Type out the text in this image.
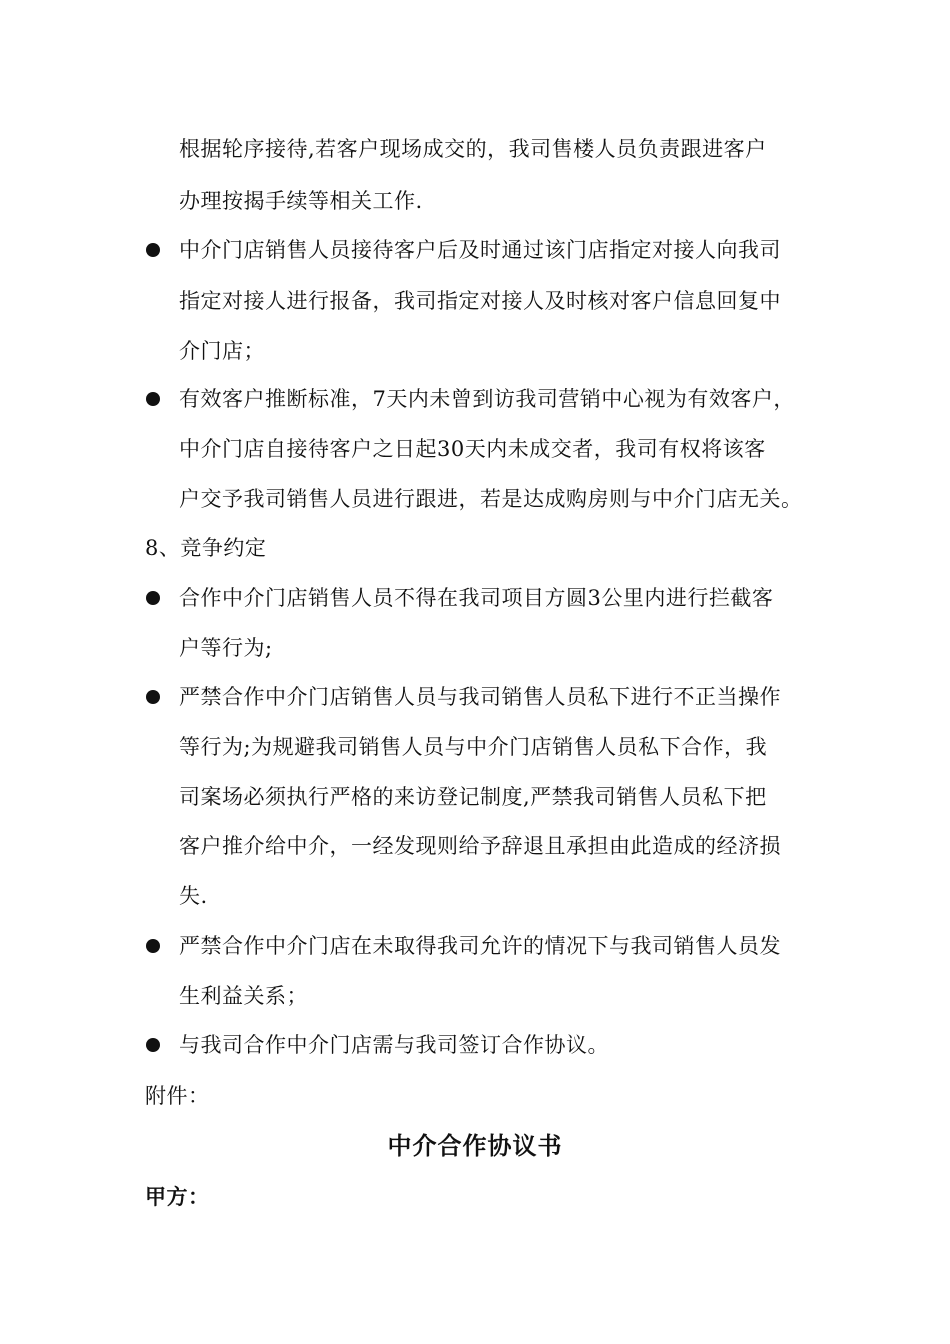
根据轮序接待,若客户现场成交的，我司售楼人员负责跟进客户
办理按揭手续等相关工作.
中介门店销售人员接待客户后及时通过该门店指定对接人向我司
指定对接人进行报备，我司指定对接人及时核对客户信息回复中
介门店；
有效客户推断标准，7天内未曾到访我司营销中心视为有效客户，
中介门店自接待客户之日起30天内未成交者，我司有权将该客
户交予我司销售人员进行跟进，若是达成购房则与中介门店无关。
8、竞争约定
合作中介门店销售人员不得在我司项目方圆3公里内进行拦截客
户等行为;
严禁合作中介门店销售人员与我司销售人员私下进行不正当操作
等行为;为规避我司销售人员与中介门店销售人员私下合作，我
司案场必须执行严格的来访登记制度,严禁我司销售人员私下把
客户推介给中介，一经发现则给予辞退且承担由此造成的经济损
失.
严禁合作中介门店在未取得我司允许的情况下与我司销售人员发
生利益关系；
与我司合作中介门店需与我司签订合作协议。
附件：
中介合作协议书
甲方：
